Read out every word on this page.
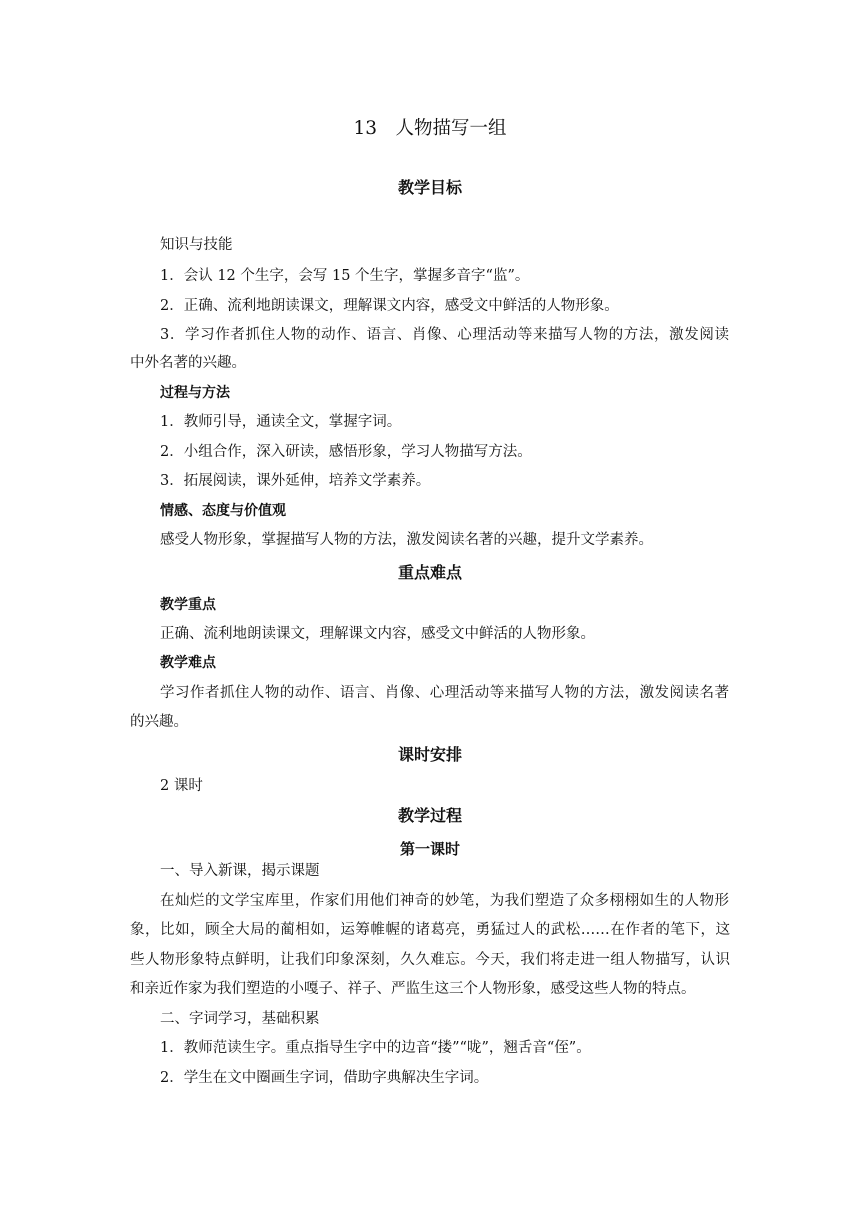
13　人物描写一组
教学目标
知识与技能
1．会认 12 个生字，会写 15 个生字，掌握多音字“监”。
2．正确、流利地朗读课文，理解课文内容，感受文中鲜活的人物形象。
3．学习作者抓住人物的动作、语言、肖像、心理活动等来描写人物的方法，激发阅读
中外名著的兴趣。
过程与方法
1．教师引导，通读全文，掌握字词。
2．小组合作，深入研读，感悟形象，学习人物描写方法。
3．拓展阅读，课外延伸，培养文学素养。
情感、态度与价值观
感受人物形象，掌握描写人物的方法，激发阅读名著的兴趣，提升文学素养。
重点难点
教学重点
正确、流利地朗读课文，理解课文内容，感受文中鲜活的人物形象。
教学难点
学习作者抓住人物的动作、语言、肖像、心理活动等来描写人物的方法，激发阅读名著
的兴趣。
课时安排
2 课时
教学过程
第一课时
一、导入新课，揭示课题
在灿烂的文学宝库里，作家们用他们神奇的妙笔，为我们塑造了众多栩栩如生的人物形
象，比如，顾全大局的蔺相如，运筹帷幄的诸葛亮，勇猛过人的武松……在作者的笔下，这
些人物形象特点鲜明，让我们印象深刻，久久难忘。今天，我们将走进一组人物描写，认识
和亲近作家为我们塑造的小嘎子、祥子、严监生这三个人物形象，感受这些人物的特点。
二、字词学习，基础积累
1．教师范读生字。重点指导生字中的边音“搂”“咙”，翘舌音“侄”。
2．学生在文中圈画生字词，借助字典解决生字词。
